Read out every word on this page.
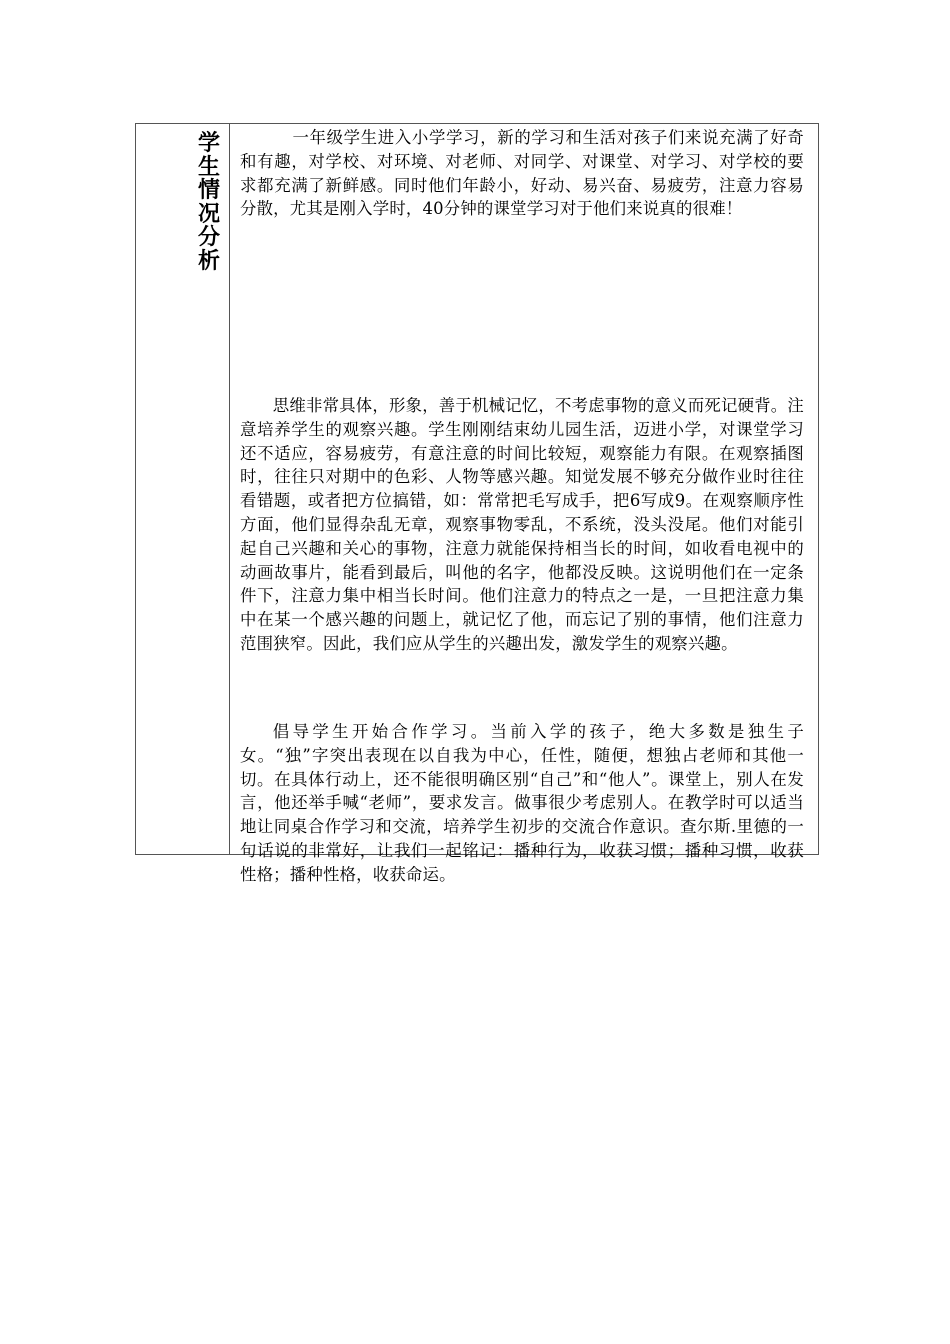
学生情况分析

一年级学生进入小学学习，新的学习和生活对孩子们来说充满了好奇和有趣，对学校、对环境、对老师、对同学、对课堂、对学习、对学校的要求都充满了新鲜感。同时他们年龄小，好动、易兴奋、易疲劳，注意力容易分散，尤其是刚入学时，40分钟的课堂学习对于他们来说真的很难！

思维非常具体，形象，善于机械记忆，不考虑事物的意义而死记硬背。注意培养学生的观察兴趣。学生刚刚结束幼儿园生活，迈进小学，对课堂学习还不适应，容易疲劳，有意注意的时间比较短，观察能力有限。在观察插图时，往往只对期中的色彩、人物等感兴趣。知觉发展不够充分做作业时往往看错题，或者把方位搞错，如：常常把毛写成手，把6写成9。在观察顺序性方面，他们显得杂乱无章，观察事物零乱，不系统，没头没尾。他们对能引起自己兴趣和关心的事物，注意力就能保持相当长的时间，如收看电视中的动画故事片，能看到最后，叫他的名字，他都没反映。这说明他们在一定条件下，注意力集中相当长时间。他们注意力的特点之一是，一旦把注意力集中在某一个感兴趣的问题上，就记忆了他，而忘记了别的事情，他们注意力范围狭窄。因此，我们应从学生的兴趣出发，激发学生的观察兴趣。

倡导学生开始合作学习。当前入学的孩子，绝大多数是独生子女。“独”字突出表现在以自我为中心，任性，随便，想独占老师和其他一切。在具体行动上，还不能很明确区别“自己”和“他人”。课堂上，别人在发言，他还举手喊“老师”，要求发言。做事很少考虑别人。在教学时可以适当地让同桌合作学习和交流，培养学生初步的交流合作意识。查尔斯.里德的一句话说的非常好，让我们一起铭记：播种行为，收获习惯；播种习惯，收获性格；播种性格，收获命运。
